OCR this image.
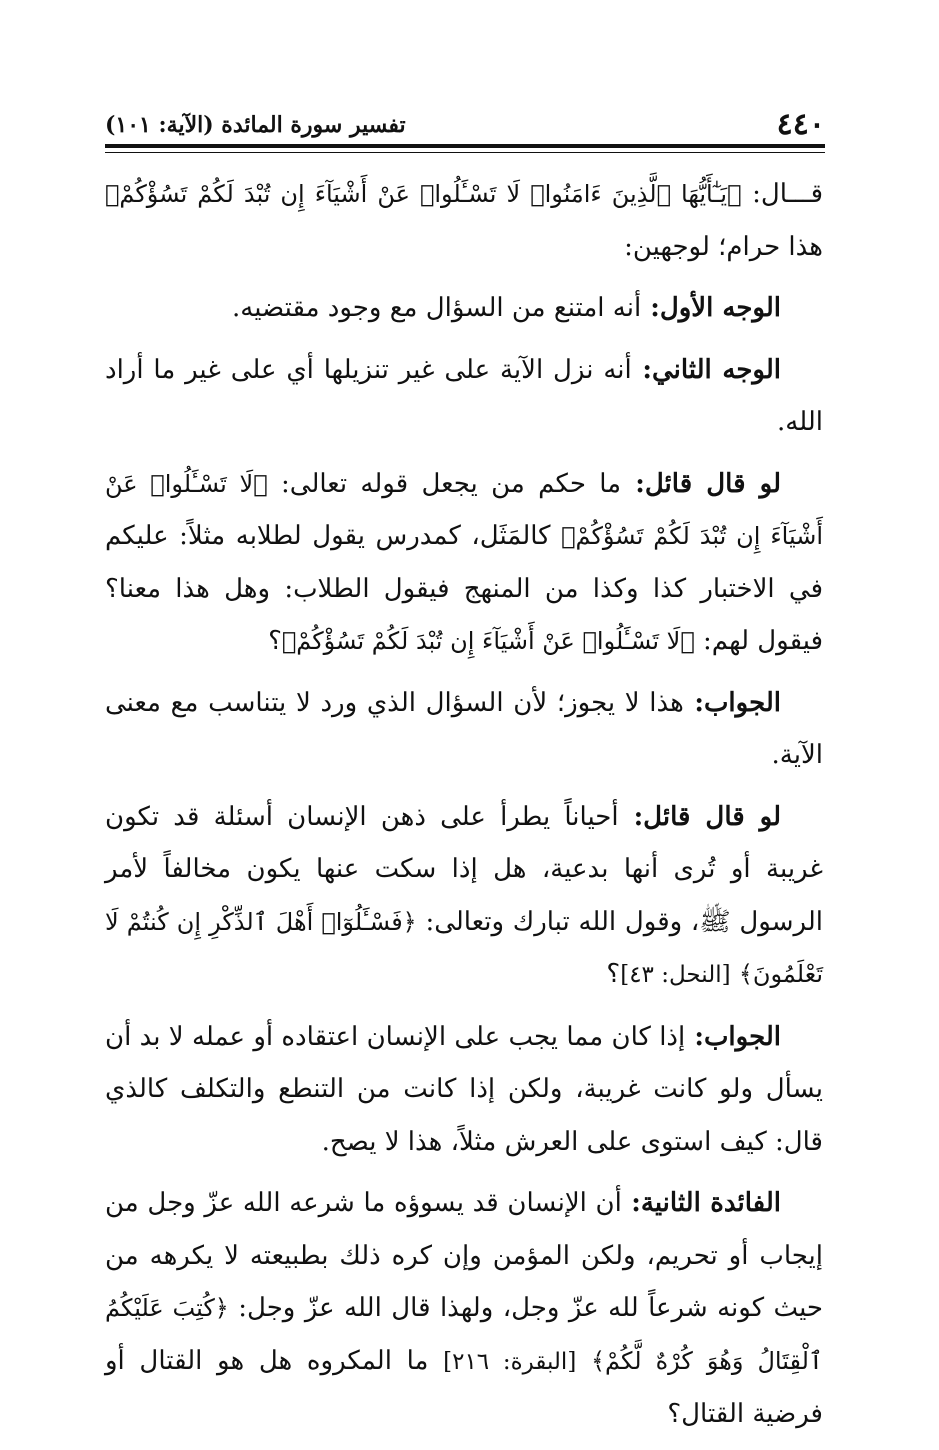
٤٤٠
تفسير سورة المائدة (الآية: ١٠١)

قـــال: ﴿يَـٰٓأَيُّهَا ٱلَّذِينَ ءَامَنُوا۟ لَا تَسْـَٔلُوا۟ عَنْ أَشْيَآءَ إِن تُبْدَ لَكُمْ تَسُؤْكُمْ﴾ هذا حرام؛ لوجهين:

الوجه الأول: أنه امتنع من السؤال مع وجود مقتضيه.

الوجه الثاني: أنه نزل الآية على غير تنزيلها أي على غير ما أراد الله.

لو قال قائل: ما حكم من يجعل قوله تعالى: ﴿لَا تَسْـَٔلُوا۟ عَنْ أَشْيَآءَ إِن تُبْدَ لَكُمْ تَسُؤْكُمْ﴾ كالمَثَل، كمدرس يقول لطلابه مثلاً: عليكم في الاختبار كذا وكذا من المنهج فيقول الطلاب: وهل هذا معنا؟ فيقول لهم: ﴿لَا تَسْـَٔلُوا۟ عَنْ أَشْيَآءَ إِن تُبْدَ لَكُمْ تَسُؤْكُمْ﴾؟

الجواب: هذا لا يجوز؛ لأن السؤال الذي ورد لا يتناسب مع معنى الآية.

لو قال قائل: أحياناً يطرأ على ذهن الإنسان أسئلة قد تكون غريبة أو تُرى أنها بدعية، هل إذا سكت عنها يكون مخالفاً لأمر الرسول ﷺ، وقول الله تبارك وتعالى: ﴿فَسْـَٔلُوٓا۟ أَهْلَ ٱلذِّكْرِ إِن كُنتُمْ لَا تَعْلَمُونَ﴾ [النحل: ٤٣]؟

الجواب: إذا كان مما يجب على الإنسان اعتقاده أو عمله لا بد أن يسأل ولو كانت غريبة، ولكن إذا كانت من التنطع والتكلف كالذي قال: كيف استوى على العرش مثلاً، هذا لا يصح.

الفائدة الثانية: أن الإنسان قد يسوؤه ما شرعه الله عزّ وجل من إيجاب أو تحريم، ولكن المؤمن وإن كره ذلك بطبيعته لا يكرهه من حيث كونه شرعاً لله عزّ وجل، ولهذا قال الله عزّ وجل: ﴿كُتِبَ عَلَيْكُمُ ٱلْقِتَالُ وَهُوَ كُرْهٌ لَّكُمْ﴾ [البقرة: ٢١٦] ما المكروه هل هو القتال أو فرضية القتال؟
